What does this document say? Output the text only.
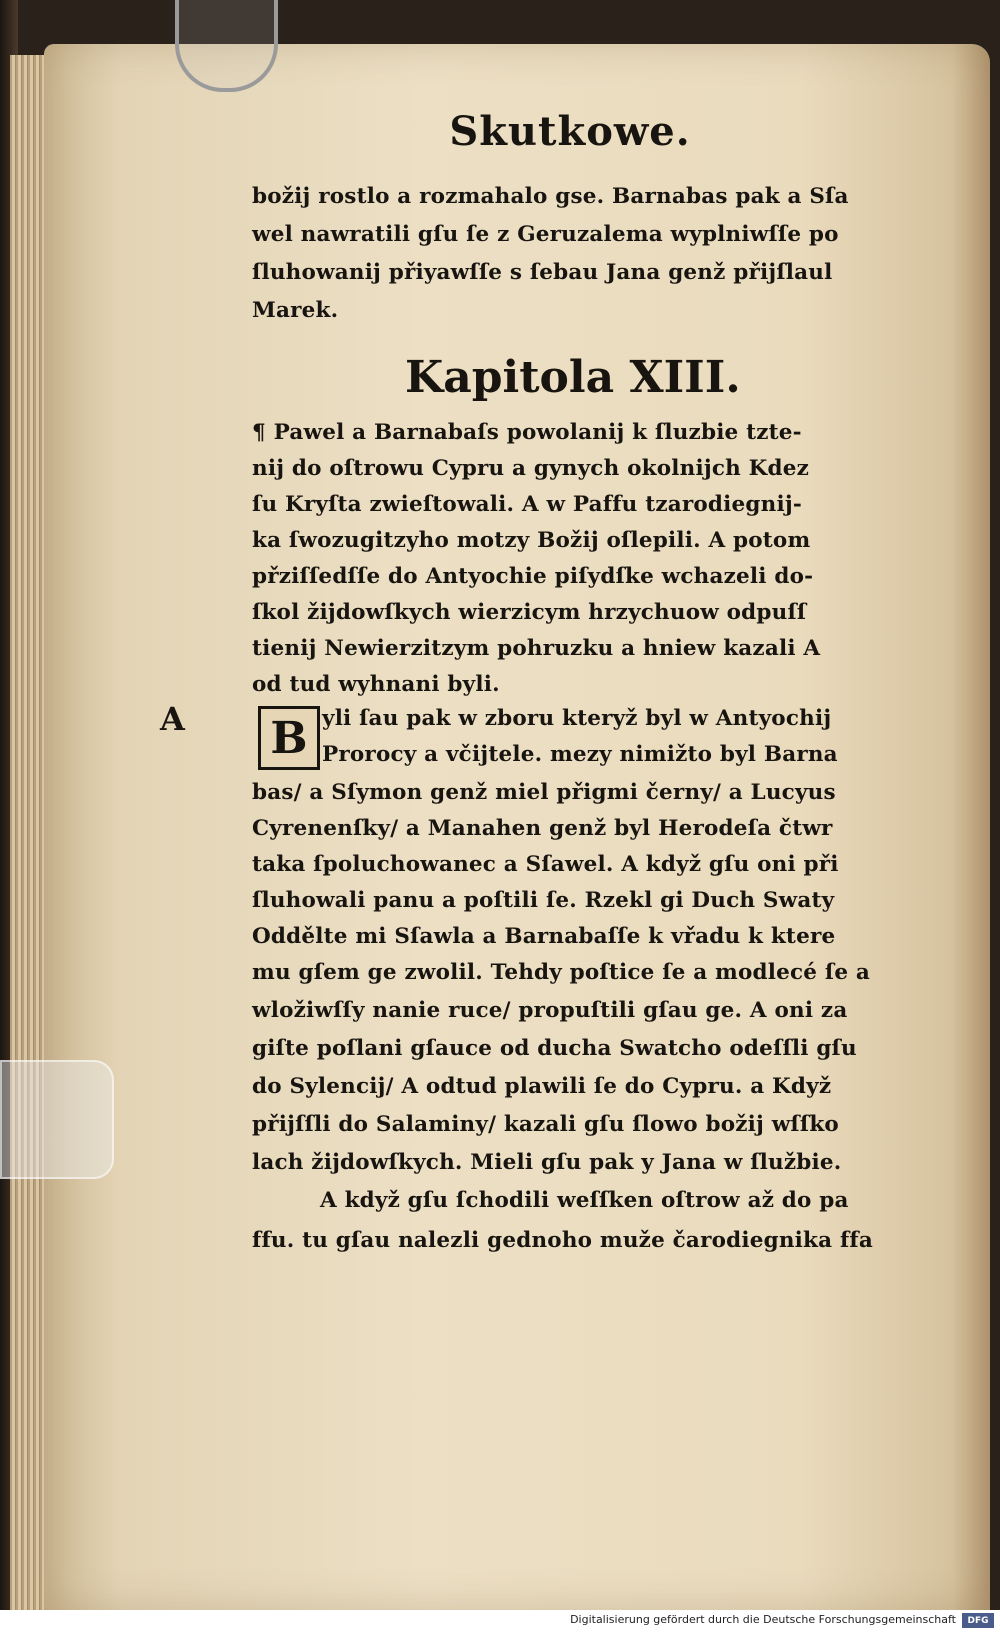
Skutkowe.
božij rostlo a rozmahalo gse. Barnabas pak a Sſa
wel nawratili gſu ſe z Geruzalema wyplniwſſe po
ſluhowanij přiyawſſe s ſebau Jana genž přijſlaul
Marek.
Kapitola XIII.
¶ Pawel a Barnabaſs powolanij k ſluzbie tzte-
nij do oſtrowu Cypru a gynych okolnijch Kdez
ſu Kryſta zwieſtowali. A w Paffu tzarodiegnij-
ka ſwozugitzyho motzy Božij oſlepili. A potom
přziſſedſſe do Antyochie piſydſke wchazeli do-
ſkol žijdowſkych wierzicym hrzychuow odpuſſ
tienij Newierzitzym pohruzku a hniew kazali A
od tud wyhnani byli.
A B yli ſau pak w zboru kteryž byl w Antyochij
Prorocy a včijtele. mezy nimižto byl Barna
bas/ a Sſymon genž miel přigmi černy/ a Lucyus
Cyrenenſky/ a Manahen genž byl Herodeſa čtwr
taka ſpoluchowanec a Sſawel. A když gſu oni při
ſluhowali panu a poſtili ſe. Rzekl gi Duch Swaty
Oddělte mi Sſawla a Barnabaſſe k vřadu k ktere
mu gſem ge zwolil. Tehdy poſtice ſe a modlecé ſe a
wložiwſſy nanie ruce/ propuſtili gſau ge. A oni za
giſte poſlani gſauce od ducha Swatcho odeſſli gſu
do Sylencij/ A odtud plawili ſe do Cypru. a Když
přijſſli do Salaminy/ kazali gſu ſlowo božij wſſko
lach žijdowſkych. Mieli gſu pak y Jana w ſlužbie.
A když gſu ſchodili weſſken oſtrow až do pa
ffu. tu gſau nalezli gednoho muže čarodiegnika ffa
Digitalisierung gefördert durch die Deutsche Forschungsgemeinschaft DFG
